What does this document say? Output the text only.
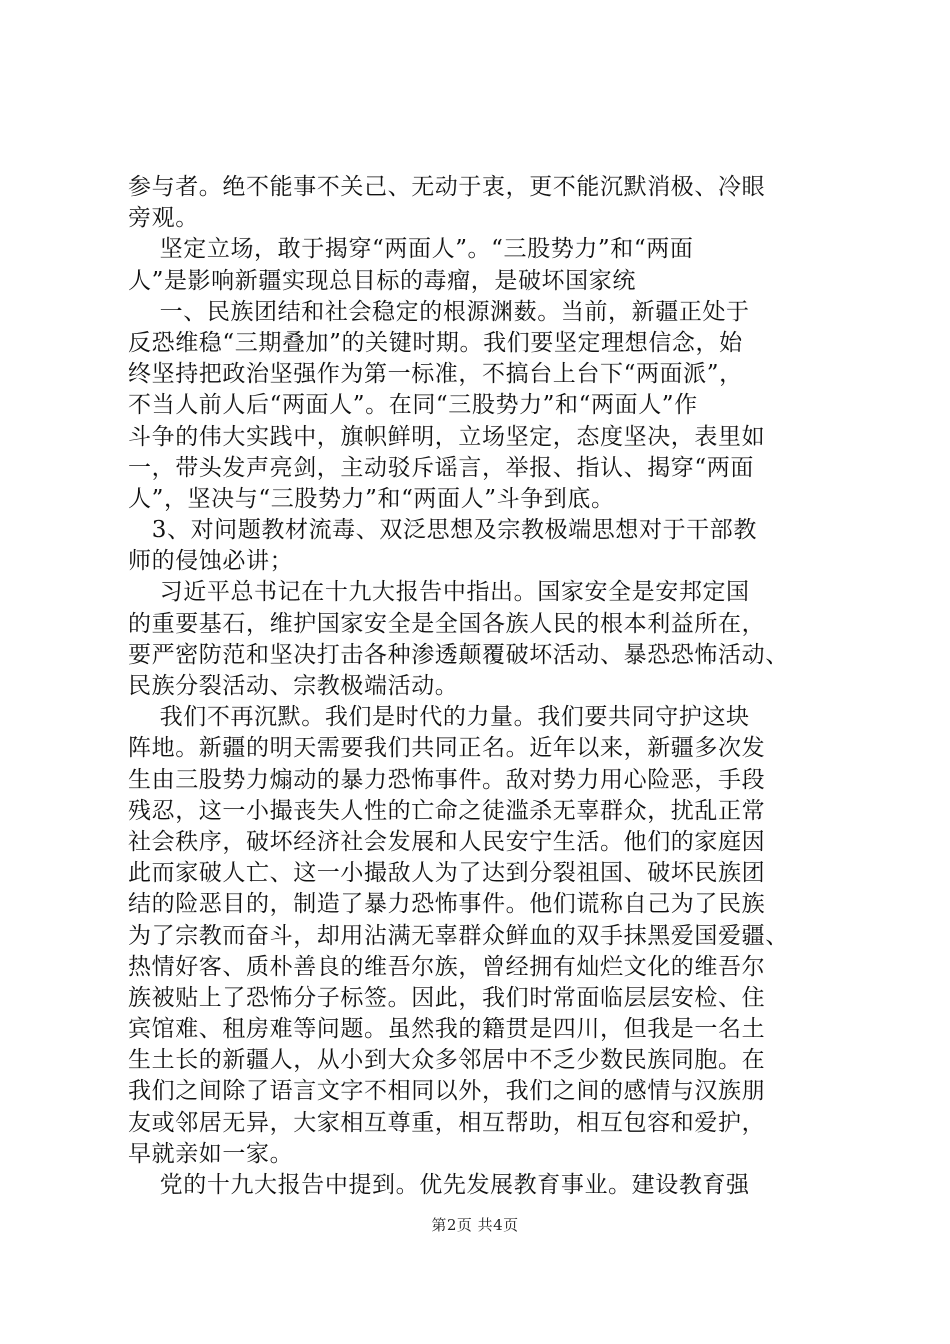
参与者。绝不能事不关己、无动于衷，更不能沉默消极、冷眼
旁观。
坚定立场，敢于揭穿“两面人”。“三股势力”和“两面
人”是影响新疆实现总目标的毒瘤，是破坏国家统
一、民族团结和社会稳定的根源渊薮。当前，新疆正处于
反恐维稳“三期叠加”的关键时期。我们要坚定理想信念，始
终坚持把政治坚强作为第一标准，不搞台上台下“两面派”，
不当人前人后“两面人”。在同“三股势力”和“两面人”作
斗争的伟大实践中，旗帜鲜明，立场坚定，态度坚决，表里如
一，带头发声亮剑，主动驳斥谣言，举报、指认、揭穿“两面
人”，坚决与“三股势力”和“两面人”斗争到底。
3、对问题教材流毒、双泛思想及宗教极端思想对于干部教
师的侵蚀必讲；
习近平总书记在十九大报告中指出。国家安全是安邦定国
的重要基石，维护国家安全是全国各族人民的根本利益所在，
要严密防范和坚决打击各种渗透颠覆破坏活动、暴恐恐怖活动、
民族分裂活动、宗教极端活动。
我们不再沉默。我们是时代的力量。我们要共同守护这块
阵地。新疆的明天需要我们共同正名。近年以来，新疆多次发
生由三股势力煽动的暴力恐怖事件。敌对势力用心险恶，手段
残忍，这一小撮丧失人性的亡命之徒滥杀无辜群众，扰乱正常
社会秩序，破坏经济社会发展和人民安宁生活。他们的家庭因
此而家破人亡、这一小撮敌人为了达到分裂祖国、破坏民族团
结的险恶目的，制造了暴力恐怖事件。他们谎称自己为了民族
为了宗教而奋斗，却用沾满无辜群众鲜血的双手抹黑爱国爱疆、
热情好客、质朴善良的维吾尔族，曾经拥有灿烂文化的维吾尔
族被贴上了恐怖分子标签。因此，我们时常面临层层安检、住
宾馆难、租房难等问题。虽然我的籍贯是四川，但我是一名土
生土长的新疆人，从小到大众多邻居中不乏少数民族同胞。在
我们之间除了语言文字不相同以外，我们之间的感情与汉族朋
友或邻居无异，大家相互尊重，相互帮助，相互包容和爱护，
早就亲如一家。
党的十九大报告中提到。优先发展教育事业。建设教育强
第2页 共4页
